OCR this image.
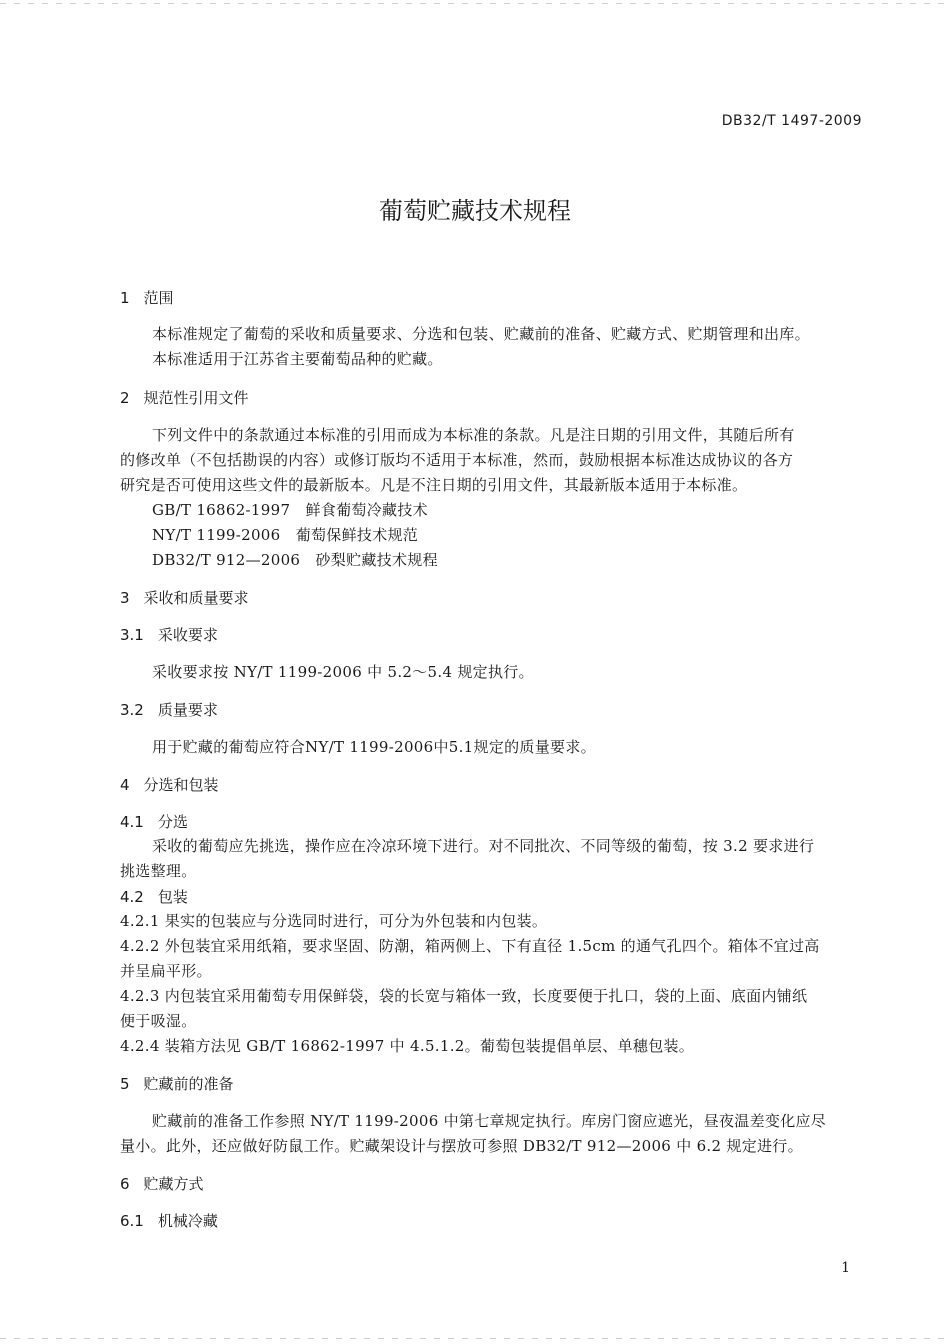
DB32/T 1497-2009
葡萄贮藏技术规程
1 范围
本标准规定了葡萄的采收和质量要求、分选和包装、贮藏前的准备、贮藏方式、贮期管理和出库。
本标准适用于江苏省主要葡萄品种的贮藏。
2 规范性引用文件
下列文件中的条款通过本标准的引用而成为本标准的条款。凡是注日期的引用文件，其随后所有
的修改单（不包括勘误的内容）或修订版均不适用于本标准，然而，鼓励根据本标准达成协议的各方
研究是否可使用这些文件的最新版本。凡是不注日期的引用文件，其最新版本适用于本标准。
GB/T 16862-1997 鲜食葡萄冷藏技术
NY/T 1199-2006 葡萄保鲜技术规范
DB32/T 912—2006 砂梨贮藏技术规程
3 采收和质量要求
3.1 采收要求
采收要求按 NY/T 1199-2006 中 5.2～5.4 规定执行。
3.2 质量要求
用于贮藏的葡萄应符合NY/T 1199-2006中5.1规定的质量要求。
4 分选和包装
4.1 分选
采收的葡萄应先挑选，操作应在冷凉环境下进行。对不同批次、不同等级的葡萄，按 3.2 要求进行
挑选整理。
4.2 包装
4.2.1 果实的包装应与分选同时进行，可分为外包装和内包装。
4.2.2 外包装宜采用纸箱，要求坚固、防潮，箱两侧上、下有直径 1.5cm 的通气孔四个。箱体不宜过高
并呈扁平形。
4.2.3 内包装宜采用葡萄专用保鲜袋，袋的长宽与箱体一致，长度要便于扎口，袋的上面、底面内铺纸
便于吸湿。
4.2.4 装箱方法见 GB/T 16862-1997 中 4.5.1.2。葡萄包装提倡单层、单穗包装。
5 贮藏前的准备
贮藏前的准备工作参照 NY/T 1199-2006 中第七章规定执行。库房门窗应遮光，昼夜温差变化应尽
量小。此外，还应做好防鼠工作。贮藏架设计与摆放可参照 DB32/T 912—2006 中 6.2 规定进行。
6 贮藏方式
6.1 机械冷藏
1
